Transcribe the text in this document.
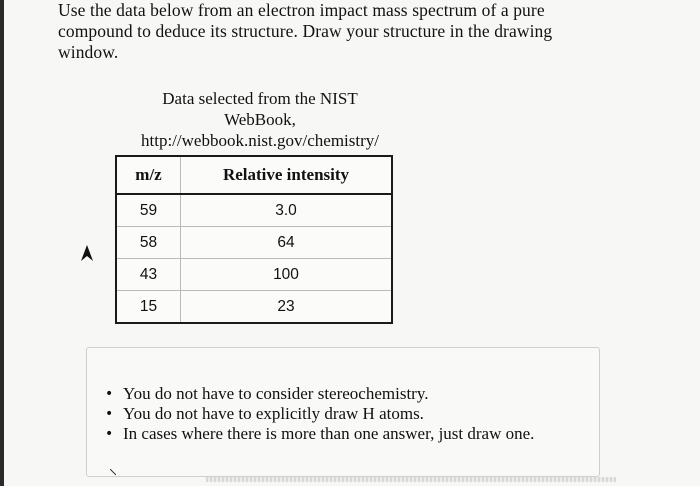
Use the data below from an electron impact mass spectrum of a pure
compound to deduce its structure. Draw your structure in the drawing
window.
Data selected from the NIST
WebBook,
http://webbook.nist.gov/chemistry/
m/z	Relative intensity
59	3.0
58	64
43	100
15	23
• You do not have to consider stereochemistry.
• You do not have to explicitly draw H atoms.
• In cases where there is more than one answer, just draw one.
